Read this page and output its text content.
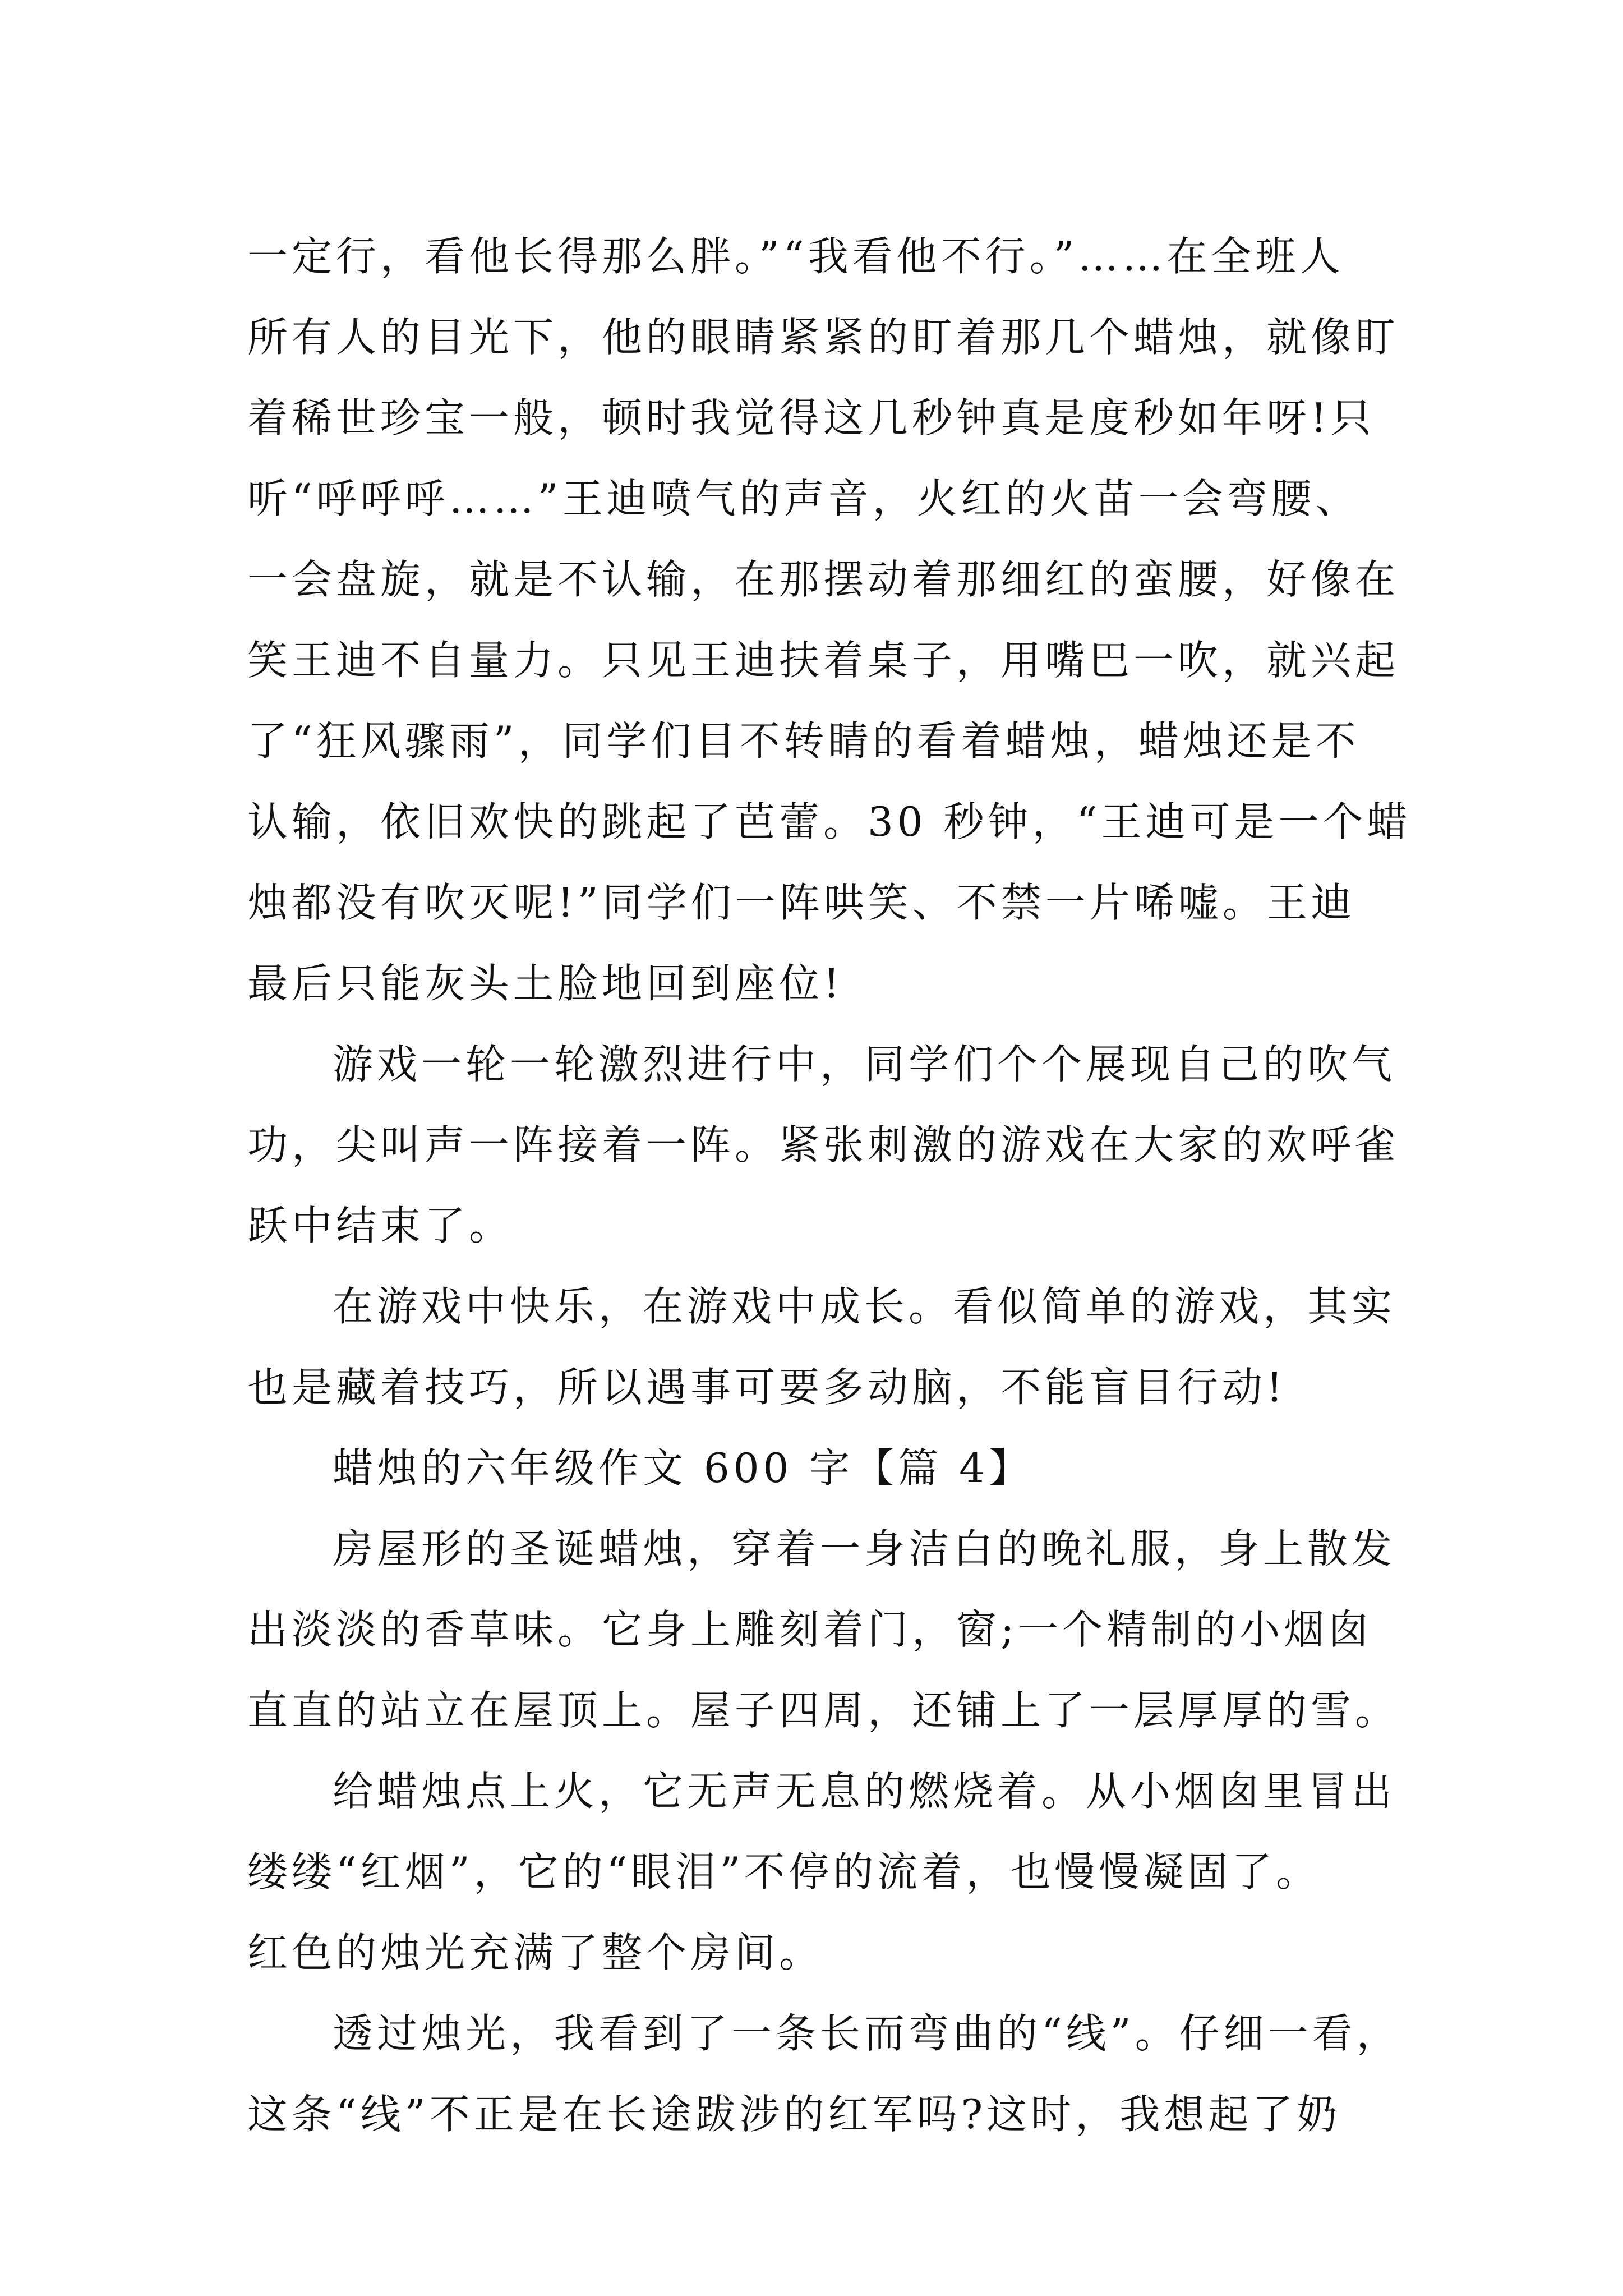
一定行，看他长得那么胖。”“我看他不行。”……在全班人
所有人的目光下，他的眼睛紧紧的盯着那几个蜡烛，就像盯
着稀世珍宝一般，顿时我觉得这几秒钟真是度秒如年呀!只
听“呼呼呼……”王迪喷气的声音，火红的火苗一会弯腰、
一会盘旋，就是不认输，在那摆动着那细红的蛮腰，好像在
笑王迪不自量力。只见王迪扶着桌子，用嘴巴一吹，就兴起
了“狂风骤雨”，同学们目不转睛的看着蜡烛，蜡烛还是不
认输，依旧欢快的跳起了芭蕾。30 秒钟，“王迪可是一个蜡
烛都没有吹灭呢!”同学们一阵哄笑、不禁一片唏嘘。王迪
最后只能灰头土脸地回到座位!
游戏一轮一轮激烈进行中，同学们个个展现自己的吹气
功，尖叫声一阵接着一阵。紧张刺激的游戏在大家的欢呼雀
跃中结束了。
在游戏中快乐，在游戏中成长。看似简单的游戏，其实
也是藏着技巧，所以遇事可要多动脑，不能盲目行动!
蜡烛的六年级作文 600 字【篇 4】
房屋形的圣诞蜡烛，穿着一身洁白的晚礼服，身上散发
出淡淡的香草味。它身上雕刻着门，窗;一个精制的小烟囱
直直的站立在屋顶上。屋子四周，还铺上了一层厚厚的雪。
给蜡烛点上火，它无声无息的燃烧着。从小烟囱里冒出
缕缕“红烟”，它的“眼泪”不停的流着，也慢慢凝固了。
红色的烛光充满了整个房间。
透过烛光，我看到了一条长而弯曲的“线”。仔细一看，
这条“线”不正是在长途跋涉的红军吗?这时，我想起了奶
